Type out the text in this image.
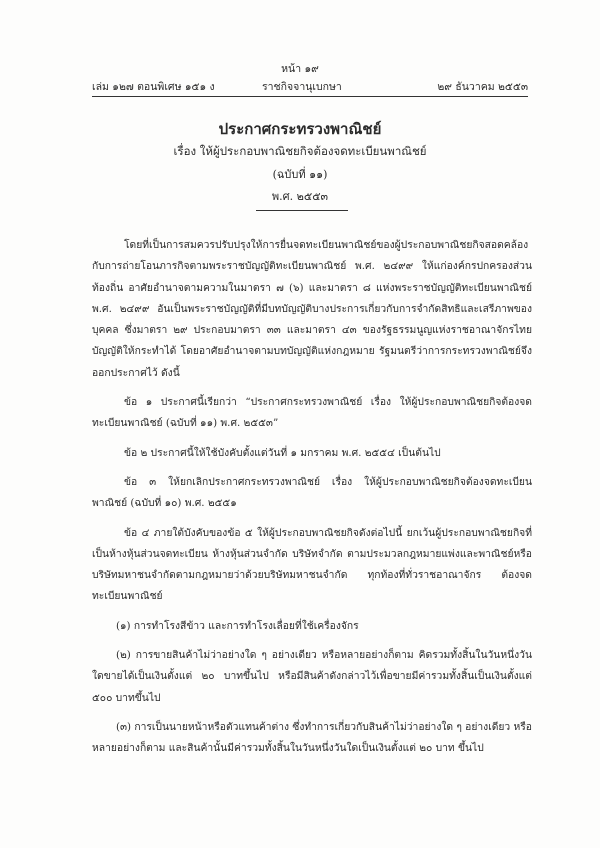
หน้า ๑๙
เล่ม ๑๒๗ ตอนพิเศษ ๑๕๑ ง	ราชกิจจานุเบกษา	๒๙ ธันวาคม ๒๕๕๓
ประกาศกระทรวงพาณิชย์
เรื่อง ให้ผู้ประกอบพาณิชยกิจต้องจดทะเบียนพาณิชย์
(ฉบับที่ ๑๑)
พ.ศ. ๒๕๕๓

โดยที่เป็นการสมควรปรับปรุงให้การยื่นจดทะเบียนพาณิชย์ของผู้ประกอบพาณิชยกิจสอดคล้องกับการถ่ายโอนภารกิจตามพระราชบัญญัติทะเบียนพาณิชย์ พ.ศ. ๒๔๙๙ ให้แก่องค์กรปกครองส่วนท้องถิ่น อาศัยอำนาจตามความในมาตรา ๗ (๖) และมาตรา ๘ แห่งพระราชบัญญัติทะเบียนพาณิชย์ พ.ศ. ๒๔๙๙ อันเป็นพระราชบัญญัติที่มีบทบัญญัติบางประการเกี่ยวกับการจำกัดสิทธิและเสรีภาพของบุคคล ซึ่งมาตรา ๒๙ ประกอบมาตรา ๓๓ และมาตรา ๔๓ ของรัฐธรรมนูญแห่งราชอาณาจักรไทยบัญญัติให้กระทำได้ โดยอาศัยอำนาจตามบทบัญญัติแห่งกฎหมาย รัฐมนตรีว่าการกระทรวงพาณิชย์จึงออกประกาศไว้ ดังนี้

ข้อ ๑ ประกาศนี้เรียกว่า “ประกาศกระทรวงพาณิชย์ เรื่อง ให้ผู้ประกอบพาณิชยกิจต้องจดทะเบียนพาณิชย์ (ฉบับที่ ๑๑) พ.ศ. ๒๕๕๓”

ข้อ ๒ ประกาศนี้ให้ใช้บังคับตั้งแต่วันที่ ๑ มกราคม พ.ศ. ๒๕๕๔ เป็นต้นไป

ข้อ ๓ ให้ยกเลิกประกาศกระทรวงพาณิชย์ เรื่อง ให้ผู้ประกอบพาณิชยกิจต้องจดทะเบียนพาณิชย์ (ฉบับที่ ๑๐) พ.ศ. ๒๕๕๑

ข้อ ๔ ภายใต้บังคับของข้อ ๕ ให้ผู้ประกอบพาณิชยกิจดังต่อไปนี้ ยกเว้นผู้ประกอบพาณิชยกิจที่เป็นห้างหุ้นส่วนจดทะเบียน ห้างหุ้นส่วนจำกัด บริษัทจำกัด ตามประมวลกฎหมายแพ่งและพาณิชย์หรือบริษัทมหาชนจำกัดตามกฎหมายว่าด้วยบริษัทมหาชนจำกัด ทุกท้องที่ทั่วราชอาณาจักร ต้องจดทะเบียนพาณิชย์

(๑) การทำโรงสีข้าว และการทำโรงเลื่อยที่ใช้เครื่องจักร

(๒) การขายสินค้าไม่ว่าอย่างใด ๆ อย่างเดียว หรือหลายอย่างก็ตาม คิดรวมทั้งสิ้นในวันหนึ่งวันใดขายได้เป็นเงินตั้งแต่ ๒๐ บาทขึ้นไป หรือมีสินค้าดังกล่าวไว้เพื่อขายมีค่ารวมทั้งสิ้นเป็นเงินตั้งแต่ ๕๐๐ บาทขึ้นไป

(๓) การเป็นนายหน้าหรือตัวแทนค้าต่าง ซึ่งทำการเกี่ยวกับสินค้าไม่ว่าอย่างใด ๆ อย่างเดียว หรือหลายอย่างก็ตาม และสินค้านั้นมีค่ารวมทั้งสิ้นในวันหนึ่งวันใดเป็นเงินตั้งแต่ ๒๐ บาท ขึ้นไป
